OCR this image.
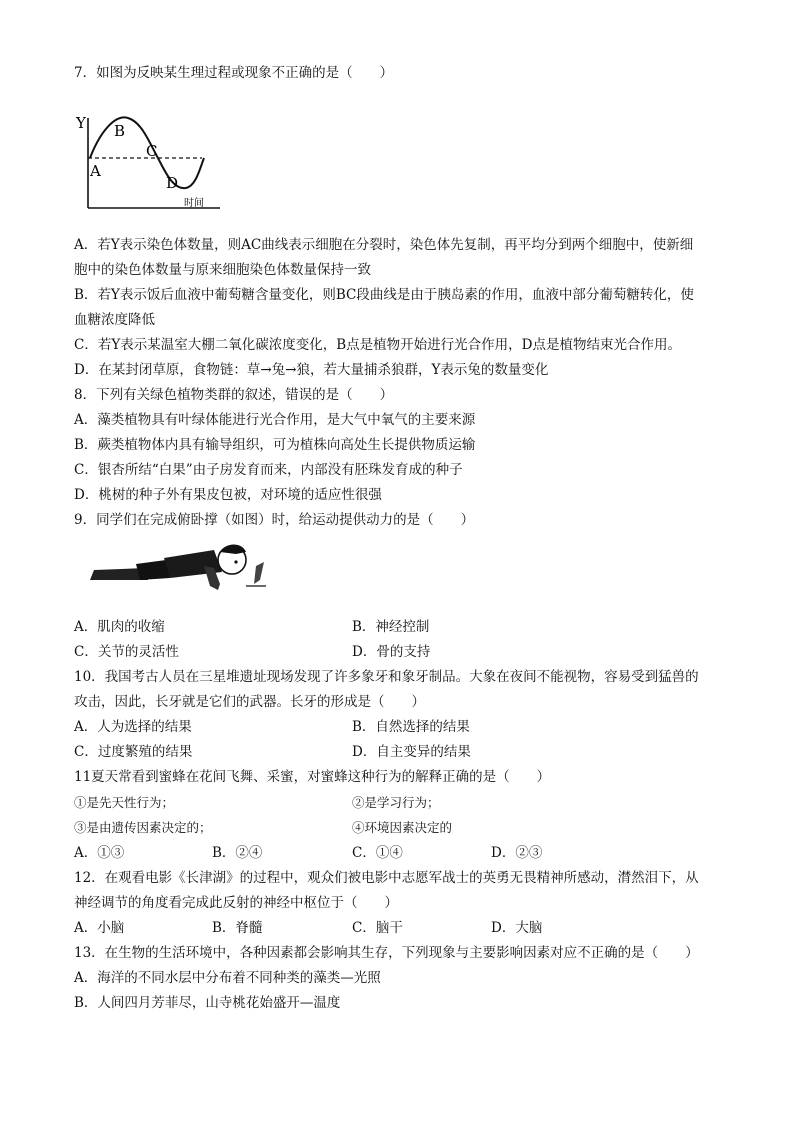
7．如图为反映某生理过程或现象不正确的是（　　）
Y
A
B
C
D
时间
A．若Y表示染色体数量，则AC曲线表示细胞在分裂时，染色体先复制，再平均分到两个细胞中，使新细
胞中的染色体数量与原来细胞染色体数量保持一致
B．若Y表示饭后血液中葡萄糖含量变化，则BC段曲线是由于胰岛素的作用，血液中部分葡萄糖转化，使
血糖浓度降低
C．若Y表示某温室大棚二氧化碳浓度变化，B点是植物开始进行光合作用，D点是植物结束光合作用。
D．在某封闭草原，食物链：草→兔→狼，若大量捕杀狼群，Y表示兔的数量变化
8．下列有关绿色植物类群的叙述，错误的是（　　）
A．藻类植物具有叶绿体能进行光合作用，是大气中氧气的主要来源
B．蕨类植物体内具有输导组织，可为植株向高处生长提供物质运输
C．银杏所结“白果”由子房发育而来，内部没有胚珠发育成的种子
D．桃树的种子外有果皮包被，对环境的适应性很强
9．同学们在完成俯卧撑（如图）时，给运动提供动力的是（　　）
A．肌肉的收缩	B．神经控制
C．关节的灵活性	D．骨的支持
10．我国考古人员在三星堆遗址现场发现了许多象牙和象牙制品。大象在夜间不能视物，容易受到猛兽的
攻击，因此，长牙就是它们的武器。长牙的形成是（　　）
A．人为选择的结果	B．自然选择的结果
C．过度繁殖的结果	D．自主变异的结果
11夏天常看到蜜蜂在花间飞舞、采蜜，对蜜蜂这种行为的解释正确的是（　　）
①是先天性行为；	②是学习行为；
③是由遗传因素决定的；	④环境因素决定的
A．①③	B．②④	C．①④	D．②③
12．在观看电影《长津湖》的过程中，观众们被电影中志愿军战士的英勇无畏精神所感动，潸然泪下，从
神经调节的角度看完成此反射的神经中枢位于（　　）
A．小脑	B．脊髓	C．脑干	D．大脑
13．在生物的生活环境中，各种因素都会影响其生存，下列现象与主要影响因素对应不正确的是（　　）
A．海洋的不同水层中分布着不同种类的藻类—光照
B．人间四月芳菲尽，山寺桃花始盛开—温度
